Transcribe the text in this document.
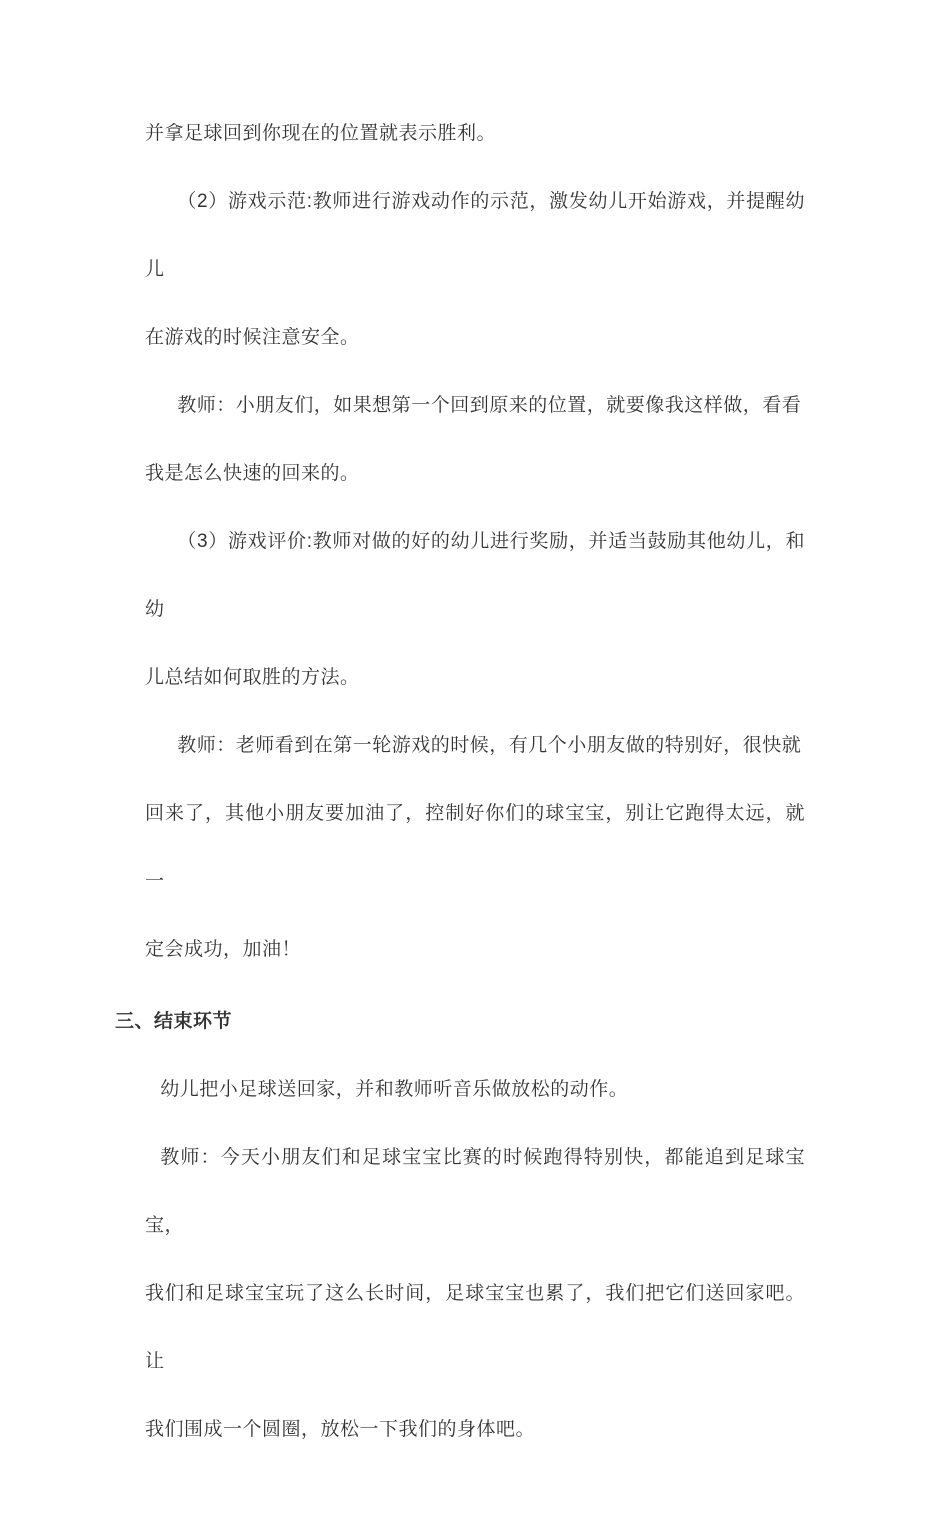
并拿足球回到你现在的位置就表示胜利。
（2）游戏示范:教师进行游戏动作的示范，激发幼儿开始游戏，并提醒幼儿
在游戏的时候注意安全。
教师：小朋友们，如果想第一个回到原来的位置，就要像我这样做，看看
我是怎么快速的回来的。
（3）游戏评价:教师对做的好的幼儿进行奖励，并适当鼓励其他幼儿，和幼
儿总结如何取胜的方法。
教师：老师看到在第一轮游戏的时候，有几个小朋友做的特别好，很快就
回来了，其他小朋友要加油了，控制好你们的球宝宝，别让它跑得太远，就一
定会成功，加油！
三、结束环节
幼儿把小足球送回家，并和教师听音乐做放松的动作。
教师：今天小朋友们和足球宝宝比赛的时候跑得特别快，都能追到足球宝宝，
我们和足球宝宝玩了这么长时间，足球宝宝也累了，我们把它们送回家吧。让
我们围成一个圆圈，放松一下我们的身体吧。
